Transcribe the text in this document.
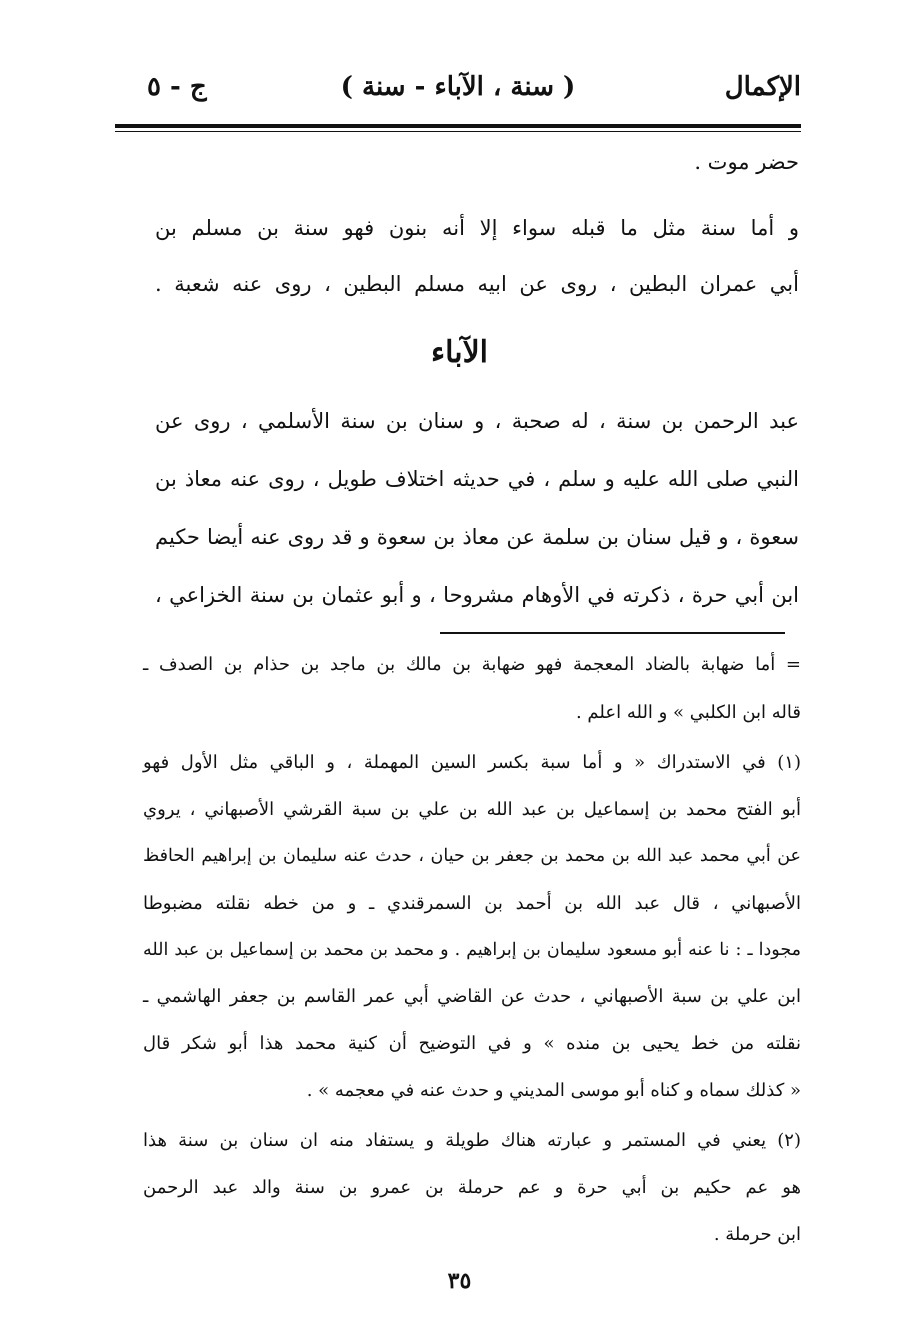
الإكمال
( سنة ، الآباء - سنة )
ج - ٥
حضر موت .
و أما سنة مثل ما قبله سواء إلا أنه بنون فهو سنة بن مسلم بن
أبي عمران البطين ، روى عن ابيه مسلم البطين ، روى عنه شعبة .
الآباء
عبد الرحمن بن سنة ، له صحبة ، و سنان بن سنة الأسلمي ، روى عن
النبي صلى الله عليه و سلم ، في حديثه اختلاف طويل ، روى عنه معاذ بن
سعوة ، و قيل سنان بن سلمة عن معاذ بن سعوة و قد روى عنه أيضا حكيم
ابن أبي حرة ، ذكرته في الأوهام مشروحا ، و أبو عثمان بن سنة الخزاعي ،
= أما ضهابة بالضاد المعجمة فهو ضهابة بن مالك بن ماجد بن حذام بن الصدف ـ
قاله ابن الكلبي » و الله اعلم .
(١) في الاستدراك « و أما سبة بكسر السين المهملة ، و الباقي مثل الأول فهو
أبو الفتح محمد بن إسماعيل بن عبد الله بن علي بن سبة القرشي الأصبهاني ، يروي
عن أبي محمد عبد الله بن محمد بن جعفر بن حيان ، حدث عنه سليمان بن إبراهيم الحافظ
الأصبهاني ، قال عبد الله بن أحمد بن السمرقندي ـ و من خطه نقلته مضبوطا
مجودا ـ : نا عنه أبو مسعود سليمان بن إبراهيم . و محمد بن محمد بن إسماعيل بن عبد الله
ابن علي بن سبة الأصبهاني ، حدث عن القاضي أبي عمر القاسم بن جعفر الهاشمي ـ
نقلته من خط يحيى بن منده » و في التوضيح أن كنية محمد هذا أبو شكر قال
« كذلك سماه و كناه أبو موسى المديني و حدث عنه في معجمه » .
(٢) يعني في المستمر و عبارته هناك طويلة و يستفاد منه ان سنان بن سنة هذا
هو عم حكيم بن أبي حرة و عم حرملة بن عمرو بن سنة والد عبد الرحمن
ابن حرملة .
٣٥
